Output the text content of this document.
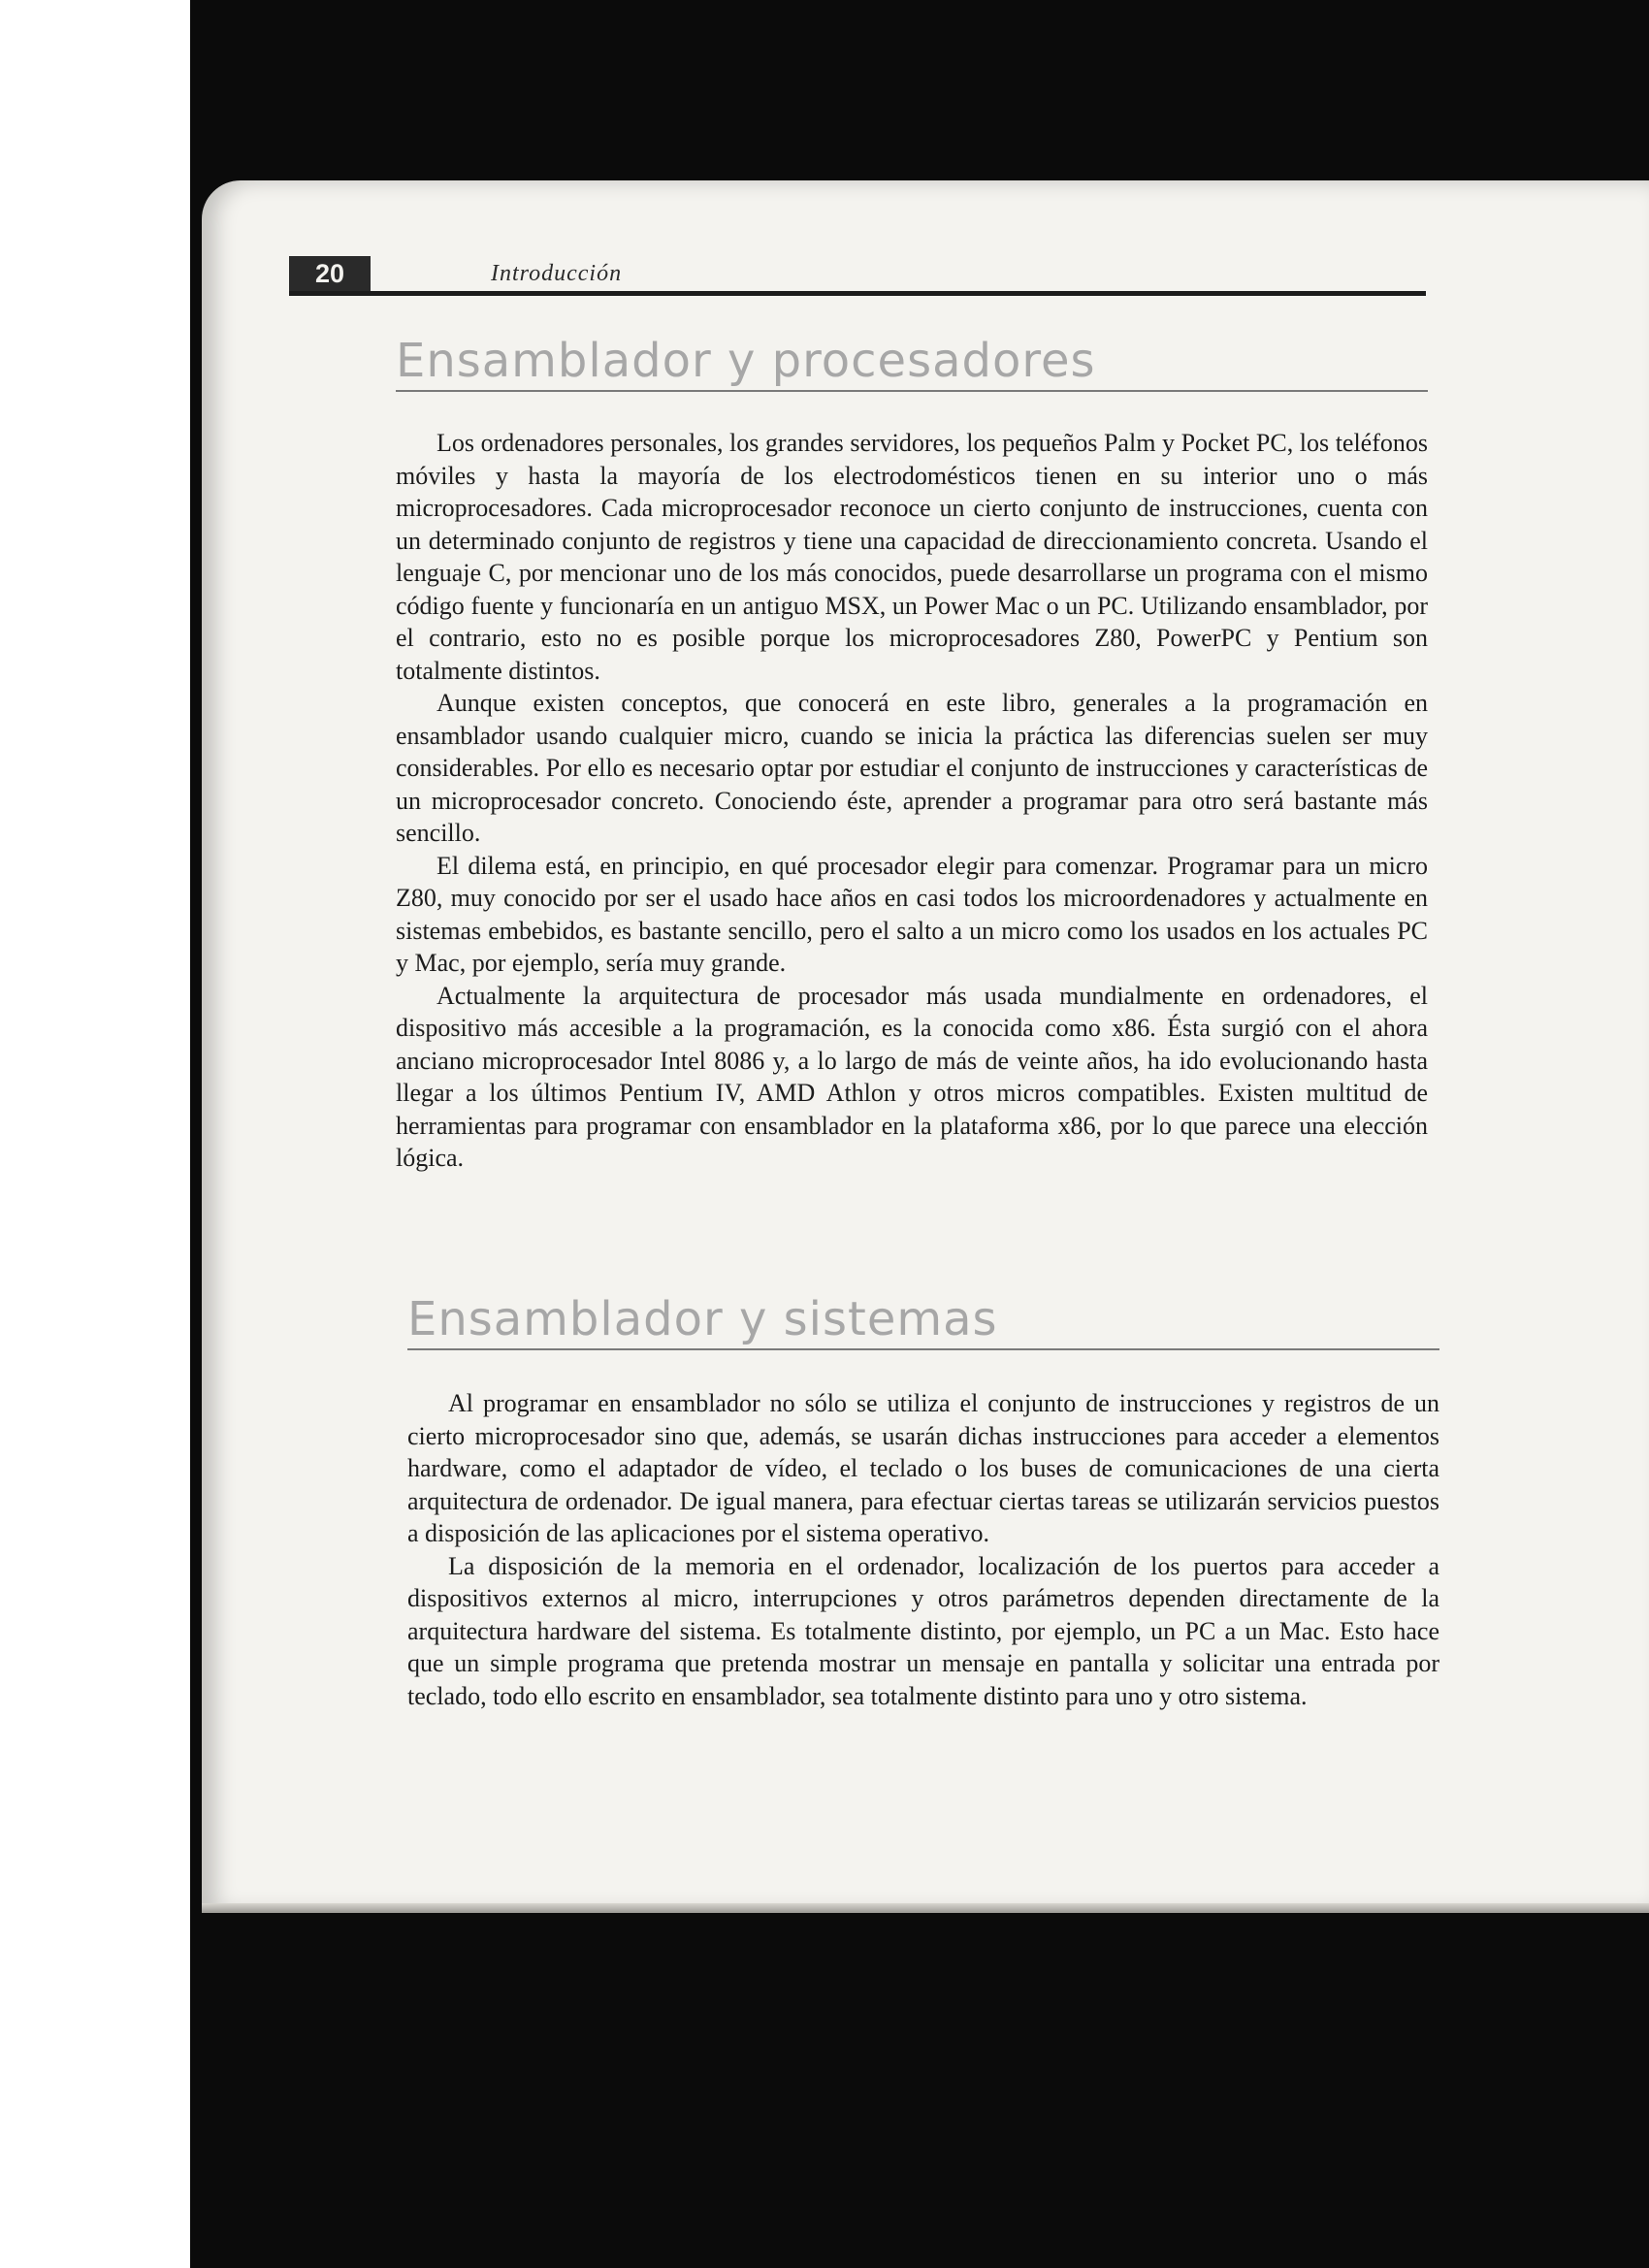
20	Introducción
Ensamblador y procesadores

Los ordenadores personales, los grandes servidores, los pequeños Palm y Pocket PC, los teléfonos móviles y hasta la mayoría de los electrodomésticos tienen en su interior uno o más microprocesadores. Cada microprocesador reconoce un cierto conjunto de instrucciones, cuenta con un determinado conjunto de registros y tiene una capacidad de direccionamiento concreta. Usando el lenguaje C, por mencionar uno de los más conocidos, puede desarrollarse un programa con el mismo código fuente y funcionaría en un antiguo MSX, un Power Mac o un PC. Utilizando ensamblador, por el contrario, esto no es posible porque los microprocesadores Z80, PowerPC y Pentium son totalmente distintos.

Aunque existen conceptos, que conocerá en este libro, generales a la programación en ensamblador usando cualquier micro, cuando se inicia la práctica las diferencias suelen ser muy considerables. Por ello es necesario optar por estudiar el conjunto de instrucciones y características de un microprocesador concreto. Conociendo éste, aprender a programar para otro será bastante más sencillo.

El dilema está, en principio, en qué procesador elegir para comenzar. Programar para un micro Z80, muy conocido por ser el usado hace años en casi todos los microordenadores y actualmente en sistemas embebidos, es bastante sencillo, pero el salto a un micro como los usados en los actuales PC y Mac, por ejemplo, sería muy grande.

Actualmente la arquitectura de procesador más usada mundialmente en ordenadores, el dispositivo más accesible a la programación, es la conocida como x86. Ésta surgió con el ahora anciano microprocesador Intel 8086 y, a lo largo de más de veinte años, ha ido evolucionando hasta llegar a los últimos Pentium IV, AMD Athlon y otros micros compatibles. Existen multitud de herramientas para programar con ensamblador en la plataforma x86, por lo que parece una elección lógica.

Ensamblador y sistemas

Al programar en ensamblador no sólo se utiliza el conjunto de instrucciones y registros de un cierto microprocesador sino que, además, se usarán dichas instrucciones para acceder a elementos hardware, como el adaptador de vídeo, el teclado o los buses de comunicaciones de una cierta arquitectura de ordenador. De igual manera, para efectuar ciertas tareas se utilizarán servicios puestos a disposición de las aplicaciones por el sistema operativo.

La disposición de la memoria en el ordenador, localización de los puertos para acceder a dispositivos externos al micro, interrupciones y otros parámetros dependen directamente de la arquitectura hardware del sistema. Es totalmente distinto, por ejemplo, un PC a un Mac. Esto hace que un simple programa que pretenda mostrar un mensaje en pantalla y solicitar una entrada por teclado, todo ello escrito en ensamblador, sea totalmente distinto para uno y otro sistema.
